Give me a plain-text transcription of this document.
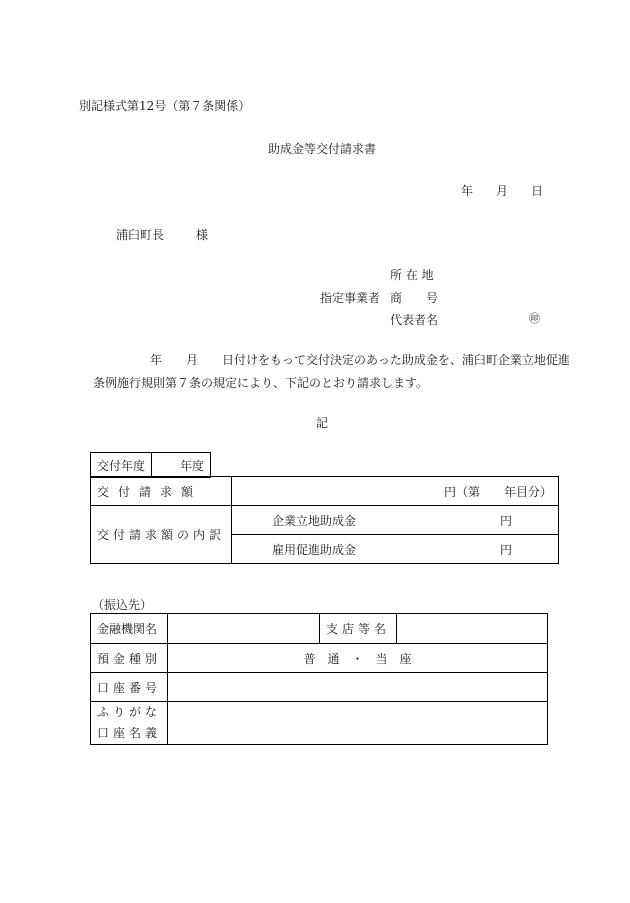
別記様式第12号（第７条関係）
助成金等交付請求書
年 月 日
浦臼町長	様
所 在 地
指定事業者 商　　号
代表者名	㊞
年　　月　　日付けをもって交付決定のあった助成金を、浦臼町企業立地促進
条例施行規則第７条の規定により、下記のとおり請求します。
記
交付年度	年度
交付請求額	円（第　　年目分）
交付請求額の内訳	企業立地助成金 円

	雇用促進助成金 円
（振込先）
金融機関名		支店等名	
預金種別	普　通　・　当　座		
口座番号			

ふりがな
口座名義			
